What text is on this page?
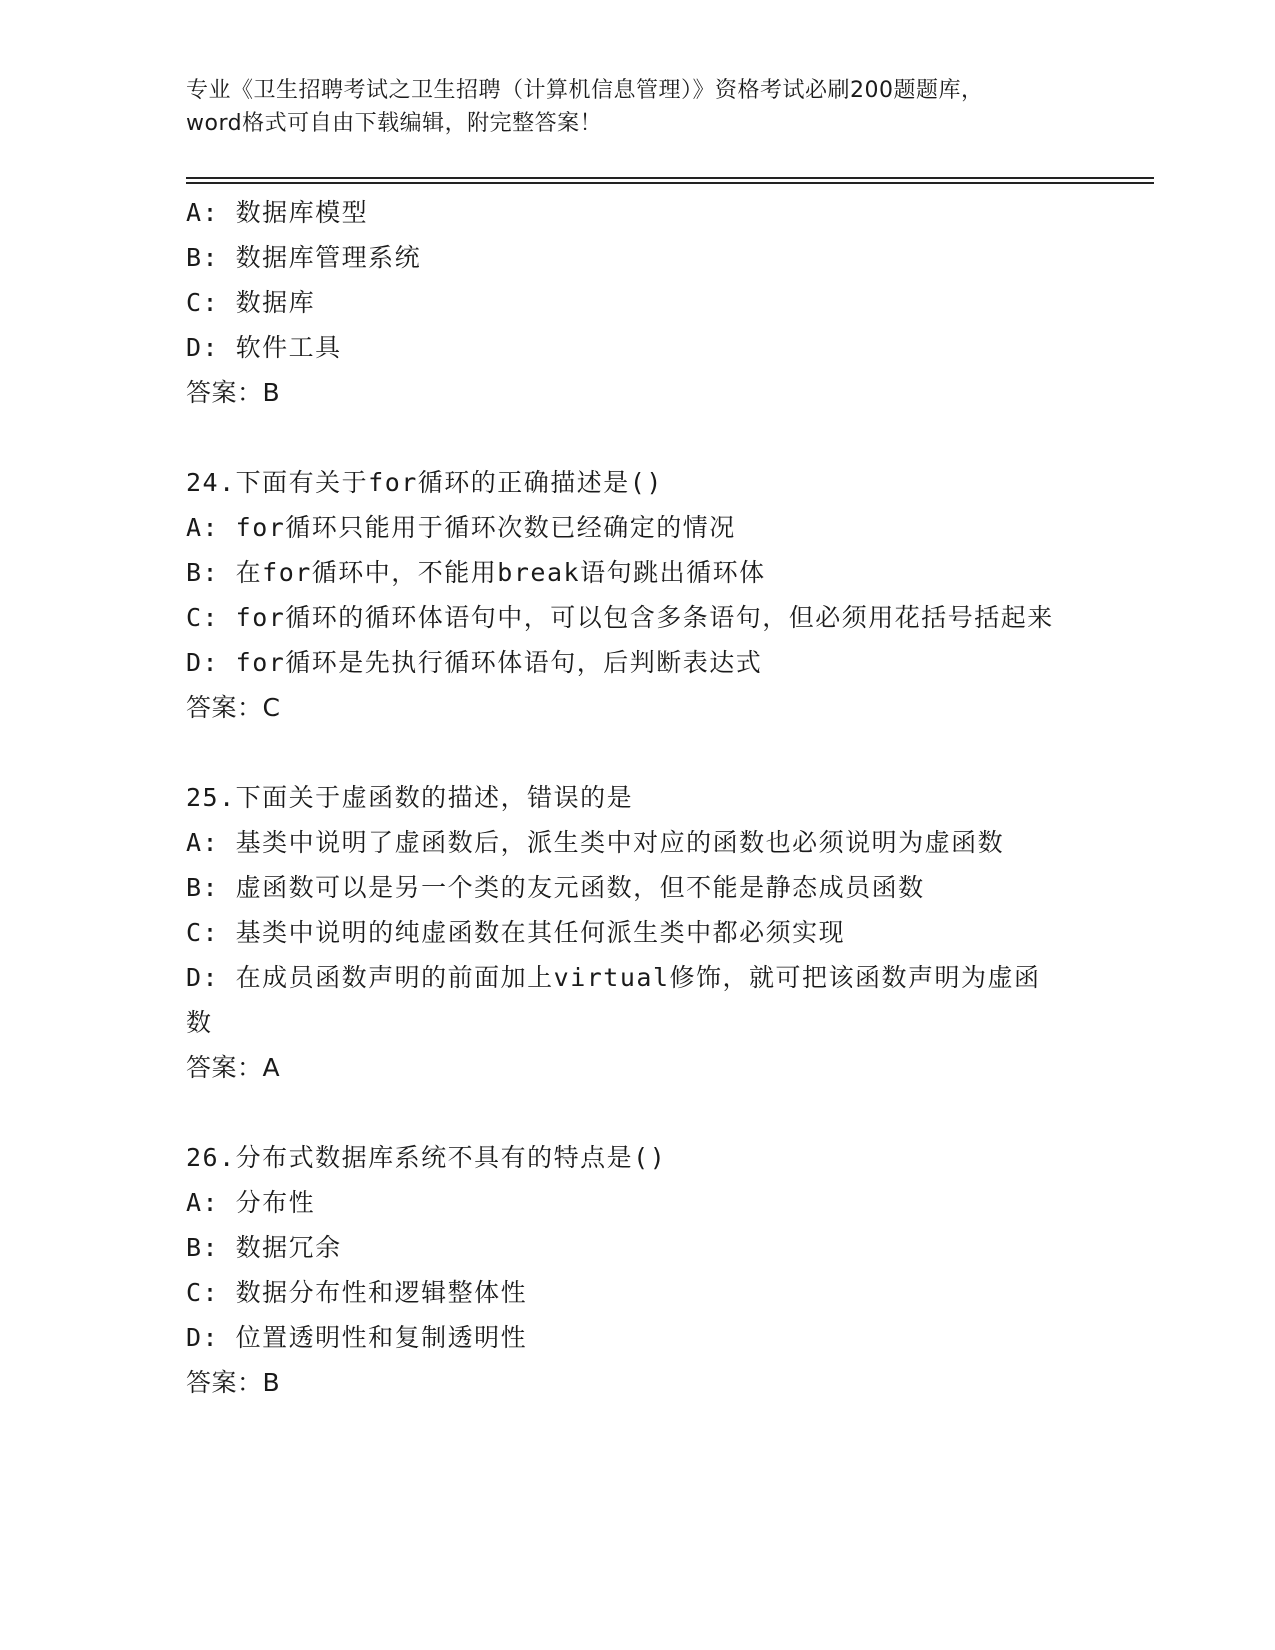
专业《卫生招聘考试之卫生招聘（计算机信息管理）》资格考试必刷200题题库，
word格式可自由下载编辑，附完整答案！
A: 数据库模型
B: 数据库管理系统
C: 数据库
D: 软件工具
答案：B
24.下面有关于for循环的正确描述是()
A: for循环只能用于循环次数已经确定的情况
B: 在for循环中，不能用break语句跳出循环体
C: for循环的循环体语句中，可以包含多条语句，但必须用花括号括起来
D: for循环是先执行循环体语句，后判断表达式
答案：C
25.下面关于虚函数的描述，错误的是
A: 基类中说明了虚函数后，派生类中对应的函数也必须说明为虚函数
B: 虚函数可以是另一个类的友元函数，但不能是静态成员函数
C: 基类中说明的纯虚函数在其任何派生类中都必须实现
D: 在成员函数声明的前面加上virtual修饰，就可把该函数声明为虚函数
答案：A
26.分布式数据库系统不具有的特点是()
A: 分布性
B: 数据冗余
C: 数据分布性和逻辑整体性
D: 位置透明性和复制透明性
答案：B
